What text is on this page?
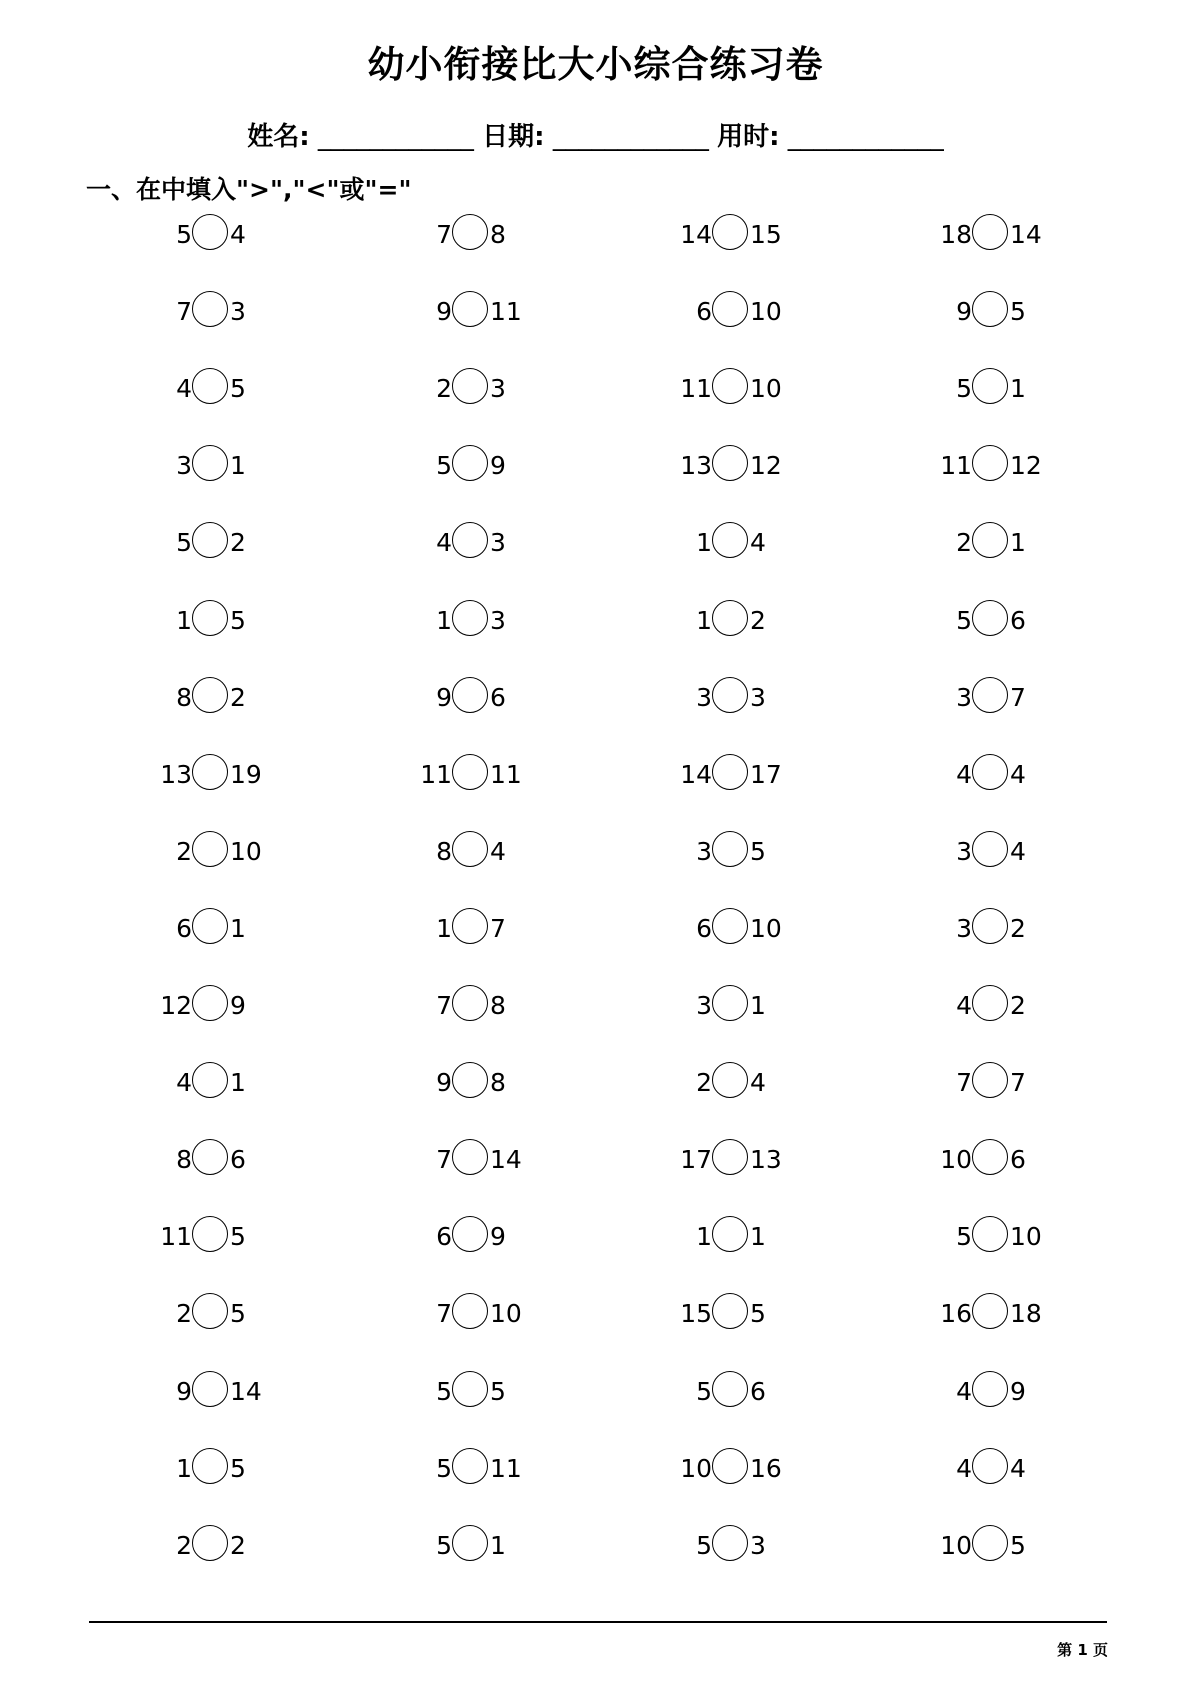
幼小衔接比大小综合练习卷
姓名: ____________ 日期: ____________ 用时: ____________
一、在中填入">","<"或"="
5 4	7 8	14 15	18 14
7 3	9 11	6 10	9 5
4 5	2 3	11 10	5 1
3 1	5 9	13 12	11 12
5 2	4 3	1 4	2 1
1 5	1 3	1 2	5 6
8 2	9 6	3 3	3 7
13 19	11 11	14 17	4 4
2 10	8 4	3 5	3 4
6 1	1 7	6 10	3 2
12 9	7 8	3 1	4 2
4 1	9 8	2 4	7 7
8 6	7 14	17 13	10 6
11 5	6 9	1 1	5 10
2 5	7 10	15 5	16 18
9 14	5 5	5 6	4 9
1 5	5 11	10 16	4 4
2 2	5 1	5 3	10 5
第 1 页
